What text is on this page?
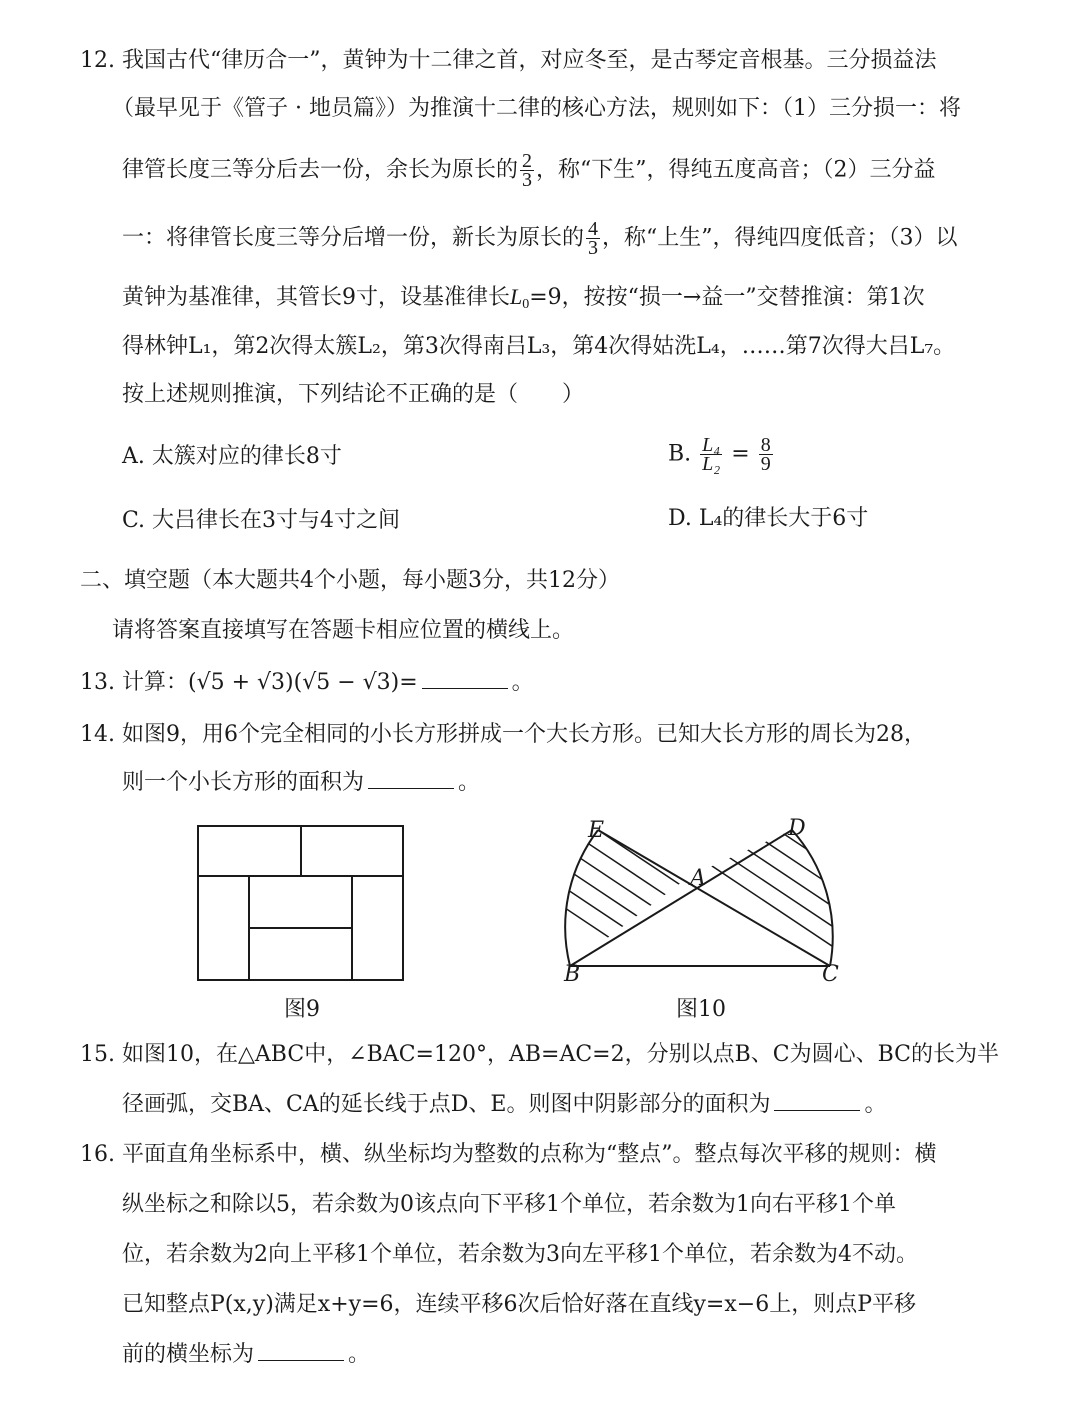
12. 我国古代“律历合一”，黄钟为十二律之首，对应冬至，是古琴定音根基。三分损益法
（最早见于《管子 · 地员篇》）为推演十二律的核心方法，规则如下：（1）三分损一：将
律管长度三等分后去一份，余长为原长的 $\frac{2}{3}$ ，称“下生”，得纯五度高音；（2）三分益
一：将律管长度三等分后增一份，新长为原长的 $\frac{4}{3}$ ，称“上生”，得纯四度低音；（3）以
黄钟为基准律，其管长9寸，设基准律长$L_0=9$，按按“损一→益一”交替推演：第1次
得林钟L₁，第2次得太簇L₂，第3次得南吕L₃，第4次得姑洗L₄，……第7次得大吕L₇。
按上述规则推演，下列结论不正确的是（　　）
A. 太簇对应的律长8寸	B. $\frac{\text{L₄}}{\text{L₂}} = \frac{8}{9}$
C. 大吕律长在3寸与4寸之间	D. L₄的律长大于6寸
二、填空题（本大题共4个小题，每小题3分，共12分）
请将答案直接填写在答题卡相应位置的横线上。
13. 计算：(√5 + √3)(√5 − √3)=	。
14. 如图9，用6个完全相同的小长方形拼成一个大长方形。已知大长方形的周长为28，
则一个小长方形的面积为	。
图9
E	D
A
B	C
图10
15. 如图10，在△ABC中，∠BAC=120°，AB=AC=2，分别以点B、C为圆心、BC的长为半
径画弧，交BA、CA的延长线于点D、E。则图中阴影部分的面积为	。
16. 平面直角坐标系中，横、纵坐标均为整数的点称为“整点”。整点每次平移的规则：横
纵坐标之和除以5，若余数为0该点向下平移1个单位，若余数为1向右平移1个单
位，若余数为2向上平移1个单位，若余数为3向左平移1个单位，若余数为4不动。
已知整点P(x,y)满足x+y=6，连续平移6次后恰好落在直线y=x−6上，则点P平移
前的横坐标为	。
